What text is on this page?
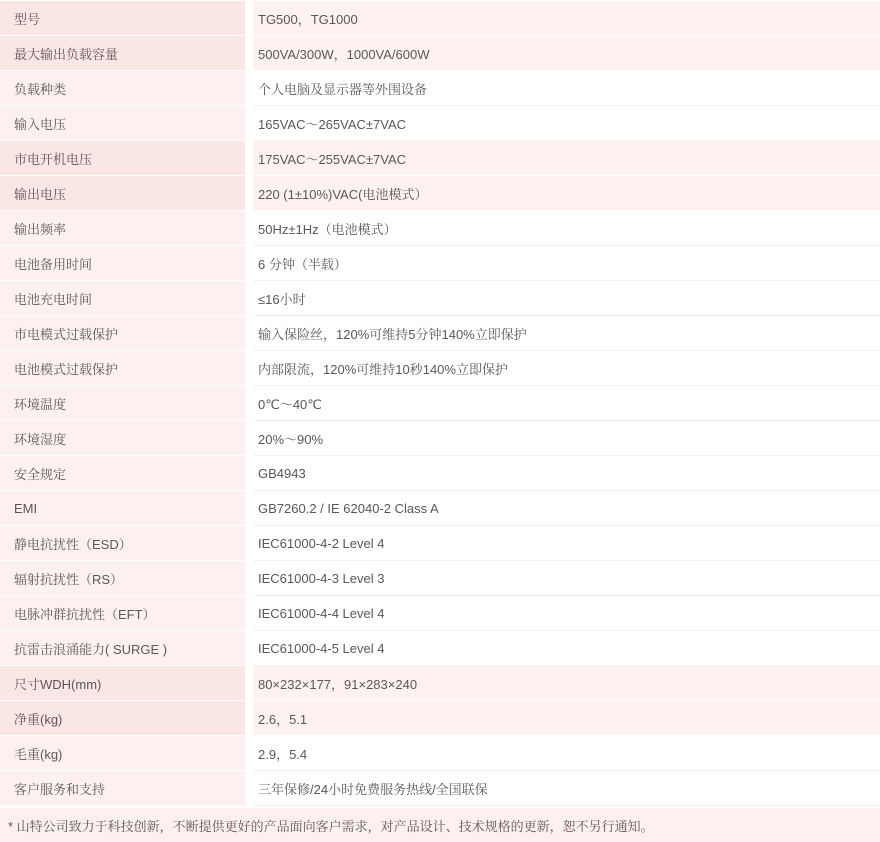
型号	TG500，TG1000
最大输出负载容量	500VA/300W，1000VA/600W
负载种类	个人电脑及显示器等外围设备
输入电压	165VAC～265VAC±7VAC
市电开机电压	175VAC～255VAC±7VAC
输出电压	220 (1±10%)VAC(电池模式）
输出频率	50Hz±1Hz（电池模式）
电池备用时间	6 分钟（半载）
电池充电时间	≤16小时
市电模式过载保护	输入保险丝，120%可维持5分钟140%立即保护
电池模式过载保护	内部限流，120%可维持10秒140%立即保护
环境温度	0℃～40℃
环境湿度	20%～90%
安全规定	GB4943
EMI	GB7260.2 / IE 62040-2 Class A
静电抗扰性（ESD）	IEC61000-4-2 Level 4
辐射抗扰性（RS）	IEC61000-4-3 Level 3
电脉冲群抗扰性（EFT）	IEC61000-4-4 Level 4
抗雷击浪涌能力( SURGE )	IEC61000-4-5 Level 4
尺寸WDH(mm)	80×232×177，91×283×240
净重(kg)	2.6，5.1
毛重(kg)	2.9，5.4
客户服务和支持	三年保修/24小时免费服务热线/全国联保
* 山特公司致力于科技创新，不断提供更好的产品面向客户需求，对产品设计、技术规格的更新，恕不另行通知。
